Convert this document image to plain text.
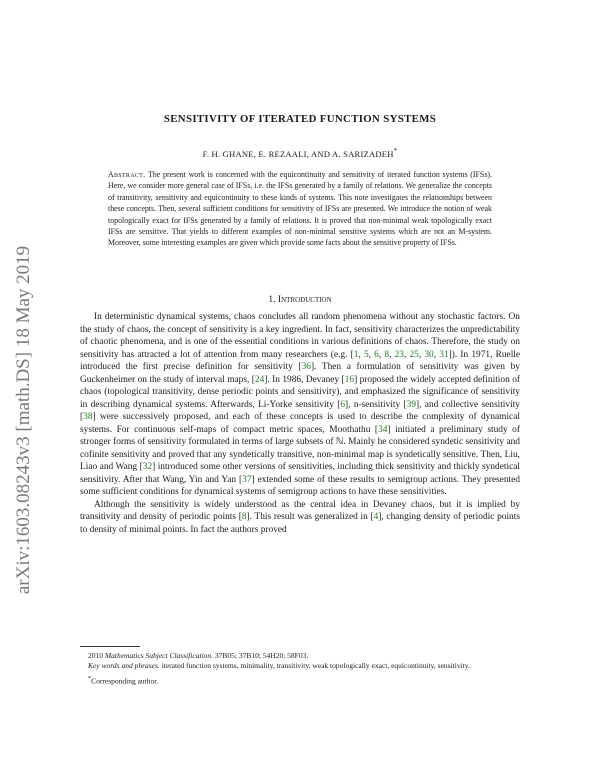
arXiv:1603.08243v3 [math.DS] 18 May 2019
SENSITIVITY OF ITERATED FUNCTION SYSTEMS
F. H. GHANE, E. REZAALI, AND A. SARIZADEH*
Abstract. The present work is concerned with the equicontinuity and sensitivity of iterated function systems (IFSs). Here, we consider more general case of IFSs, i.e. the IFSs generated by a family of relations. We generalize the concepts of transitivity, sensitivity and equicontinuity to these kinds of systems. This note investigates the relationships between these concepts. Then, several sufficient conditions for sensitivity of IFSs are presented. We introduce the notion of weak topologically exact for IFSs generated by a family of relations. It is proved that non-minimal weak topologically exact IFSs are sensitive. That yields to different examples of non-minimal sensitive systems which are not an M-system. Moreover, some interesting examples are given which provide some facts about the sensitive property of IFSs.
1. Introduction

In deterministic dynamical systems, chaos concludes all random phenomena without any stochastic factors. On the study of chaos, the concept of sensitivity is a key ingredient. In fact, sensitivity characterizes the unpredictability of chaotic phenomena, and is one of the essential conditions in various definitions of chaos. Therefore, the study on sensitivity has attracted a lot of attention from many researchers (e.g. [1, 5, 6, 8, 23, 25, 30, 31]). In 1971, Ruelle introduced the first precise definition for sensitivity [36]. Then a formulation of sensitivity was given by Guckenheimer on the study of interval maps, [24]. In 1986, Devaney [16] proposed the widely accepted definition of chaos (topological transitivity, dense periodic points and sensitivity), and emphasized the significance of sensitivity in describing dynamical systems. Afterwards, Li-Yorke sensitivity [6], n-sensitivity [39], and collective sensitivity [38] were successively proposed, and each of these concepts is used to describe the complexity of dynamical systems. For continuous self-maps of compact metric spaces, Moothathu [34] initiated a preliminary study of stronger forms of sensitivity formulated in terms of large subsets of ℕ. Mainly he considered syndetic sensitivity and cofinite sensitivity and proved that any syndetically transitive, non-minimal map is syndetically sensitive. Then, Liu, Liao and Wang [32] introduced some other versions of sensitivities, including thick sensitivity and thickly syndetical sensitivity. After that Wang, Yin and Yan [37] extended some of these results to semigroup actions. They presented some sufficient conditions for dynamical systems of semigroup actions to have these sensitivities.

Although the sensitivity is widely understood as the central idea in Devaney chaos, but it is implied by transitivity and density of periodic points [8]. This result was generalized in [4], changing density of periodic points to density of minimal points. In fact the authors proved

2010 Mathematics Subject Classification. 37B05; 37B10; 54H20; 58F03.

Key words and phrases. iterated function systems, minimality, transitivity, weak topologically exact, equicontinuity, sensitivity.

*Corresponding author.
